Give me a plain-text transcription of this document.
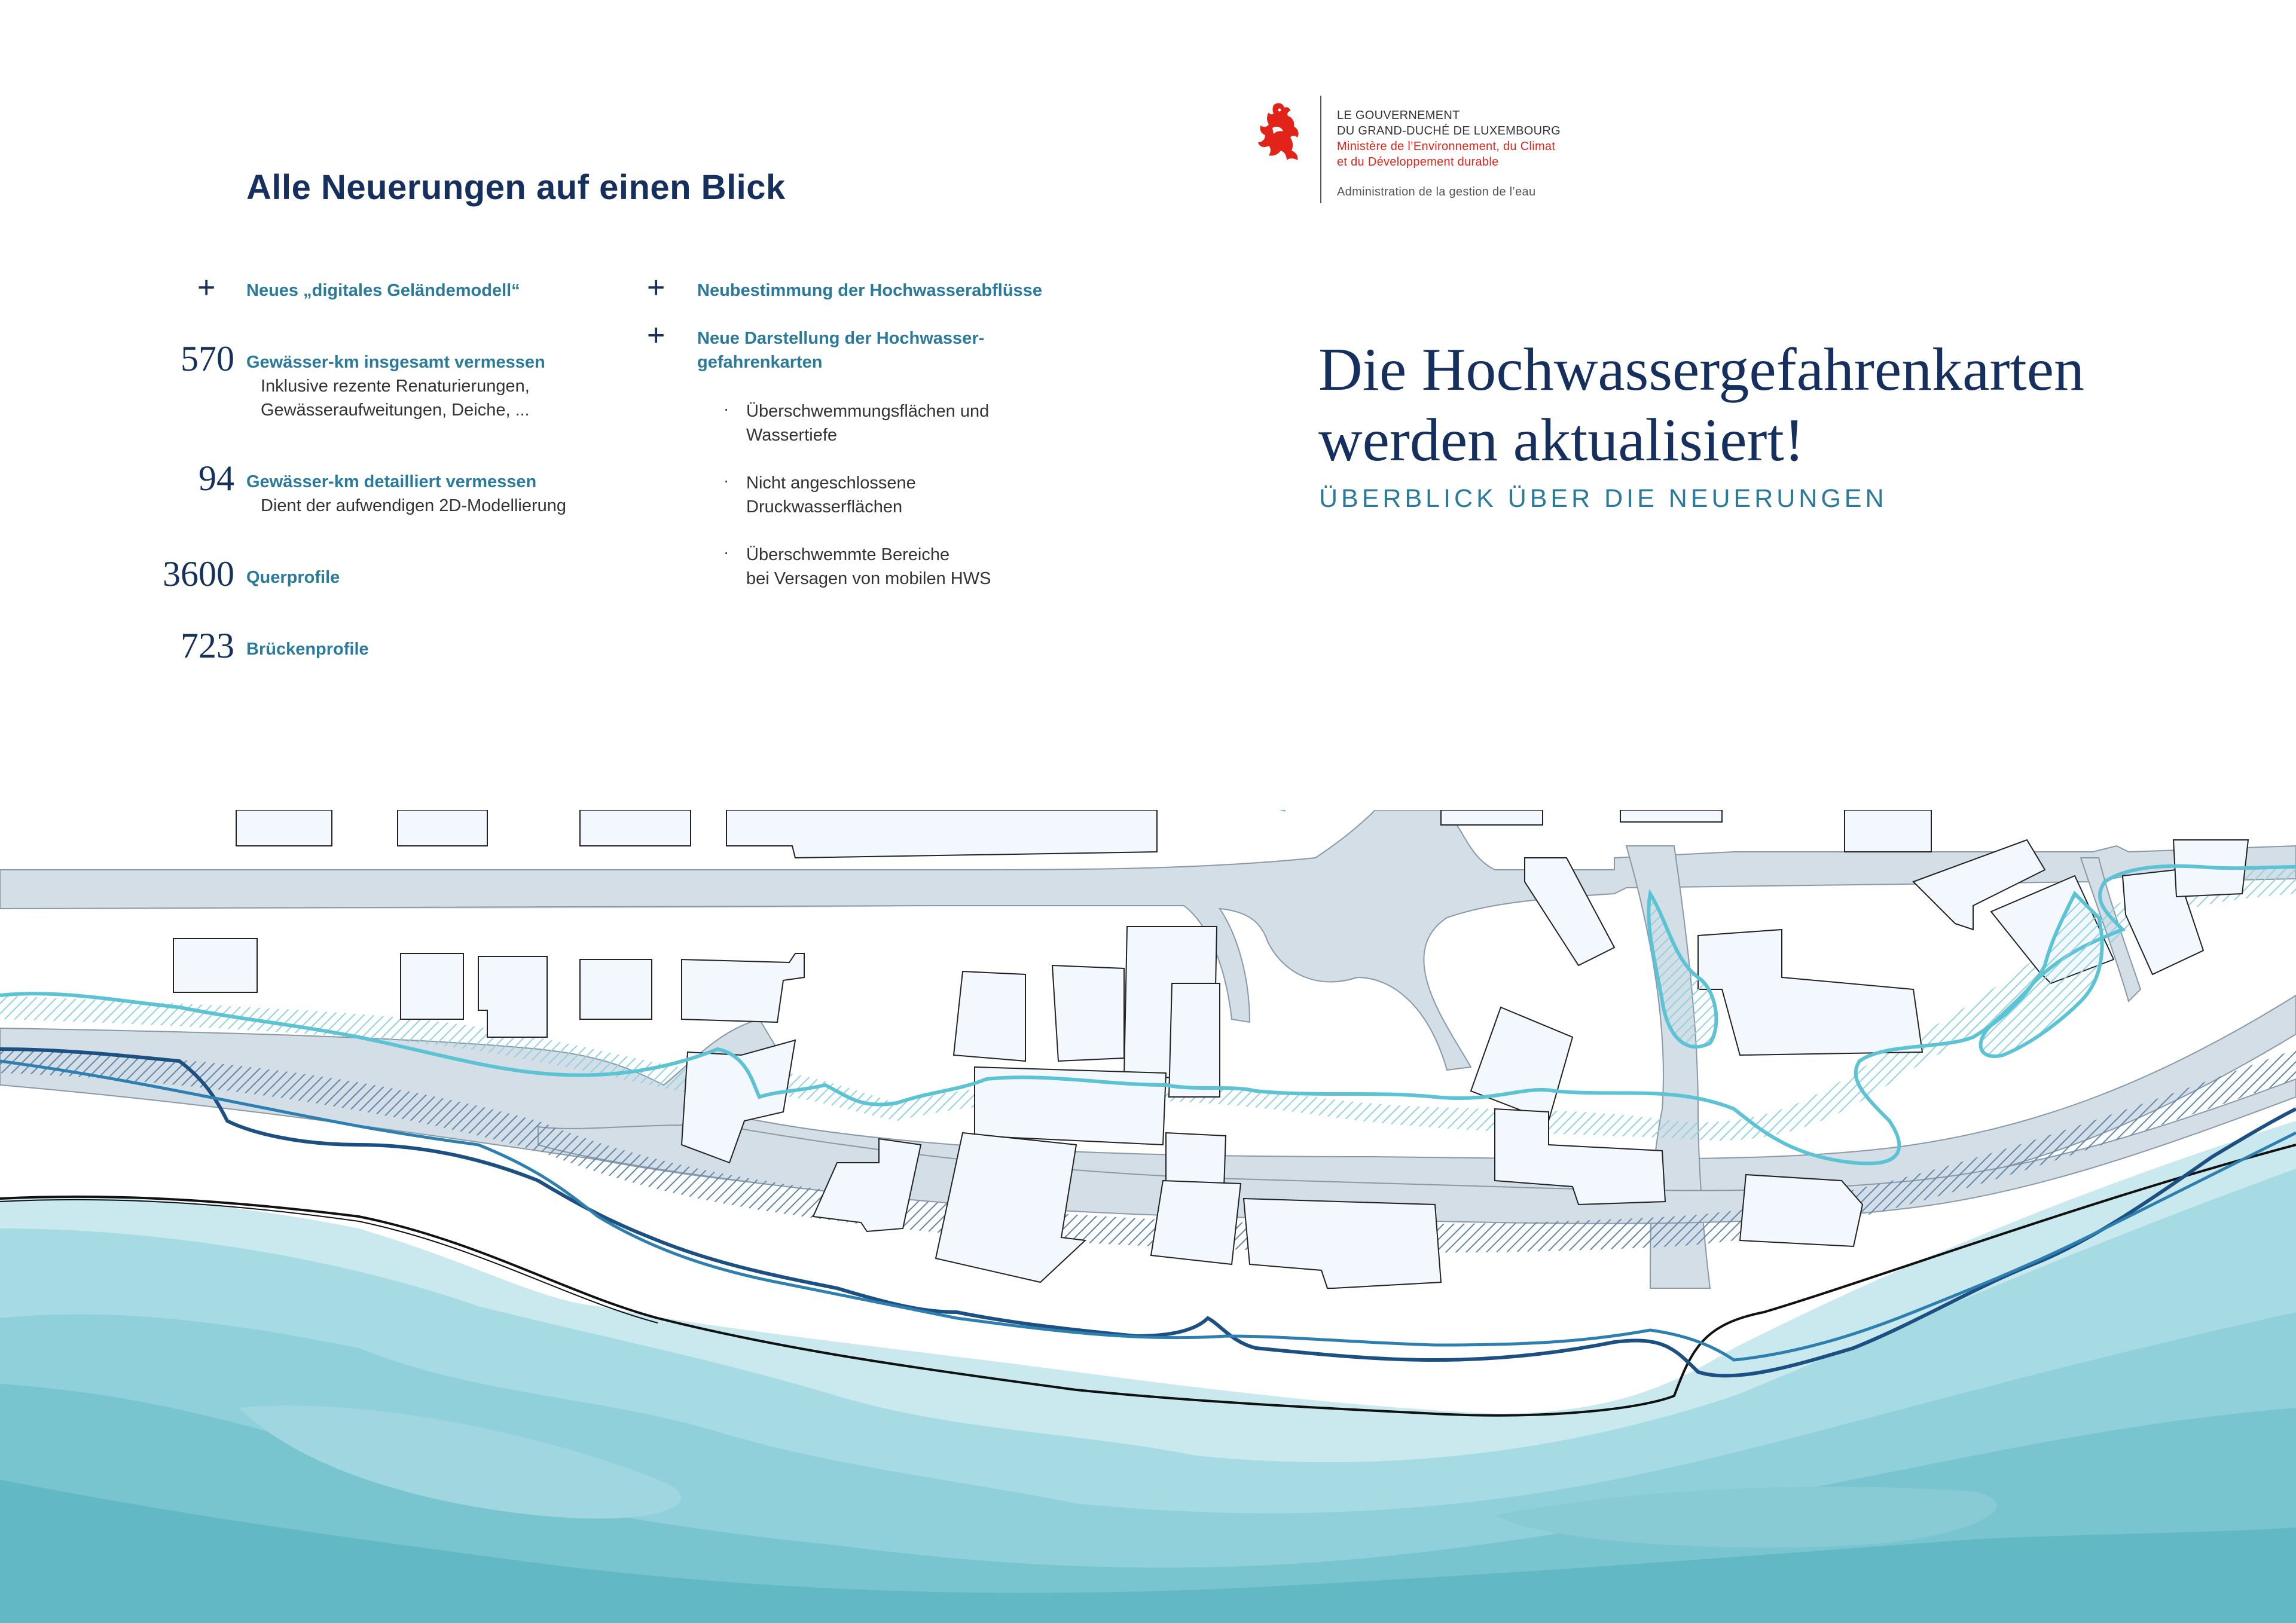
Alle Neuerungen auf einen Blick
+ Neues „digitales Geländemodell“
570 Gewässer-km insgesamt vermessen
Inklusive rezente Renaturierungen,
Gewässeraufweitungen, Deiche, ...
94 Gewässer-km detailliert vermessen
Dient der aufwendigen 2D-Modellierung
3600 Querprofile
723 Brückenprofile
+ Neubestimmung der Hochwasserabflüsse
+ Neue Darstellung der Hochwasser-
gefahrenkarten
· Überschwemmungsflächen und
Wassertiefe
· Nicht angeschlossene
Druckwasserflächen
· Überschwemmte Bereiche
bei Versagen von mobilen HWS
LE GOUVERNEMENT
DU GRAND-DUCHÉ DE LUXEMBOURG
Ministère de l’Environnement, du Climat
et du Développement durable
Administration de la gestion de l’eau
Die Hochwassergefahrenkarten
werden aktualisiert!
ÜBERBLICK ÜBER DIE NEUERUNGEN
